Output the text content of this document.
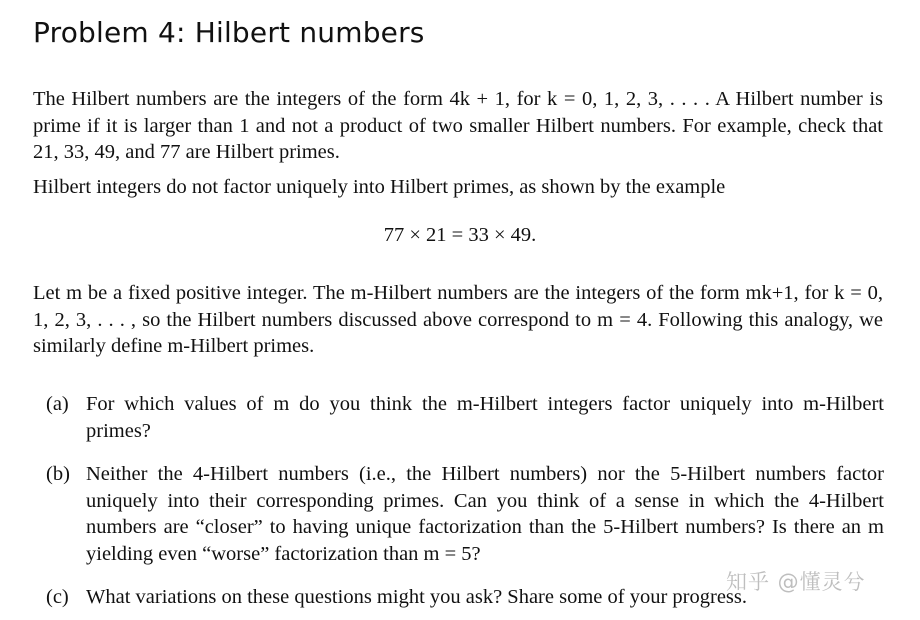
Problem 4: Hilbert numbers

The Hilbert numbers are the integers of the form 4k + 1, for k = 0, 1, 2, 3, . . . . A Hilbert number is prime if it is larger than 1 and not a product of two smaller Hilbert numbers. For example, check that 21, 33, 49, and 77 are Hilbert primes.

Hilbert integers do not factor uniquely into Hilbert primes, as shown by the example

77 × 21 = 33 × 49.

Let m be a fixed positive integer. The m-Hilbert numbers are the integers of the form mk+1, for k = 0, 1, 2, 3, . . . , so the Hilbert numbers discussed above correspond to m = 4. Following this analogy, we similarly define m-Hilbert primes.

(a) For which values of m do you think the m-Hilbert integers factor uniquely into m-Hilbert primes?

(b) Neither the 4-Hilbert numbers (i.e., the Hilbert numbers) nor the 5-Hilbert numbers factor uniquely into their corresponding primes. Can you think of a sense in which the 4-Hilbert numbers are “closer” to having unique factorization than the 5-Hilbert numbers? Is there an m yielding even “worse” factorization than m = 5?

(c) What variations on these questions might you ask? Share some of your progress.

知乎 @懂灵兮
